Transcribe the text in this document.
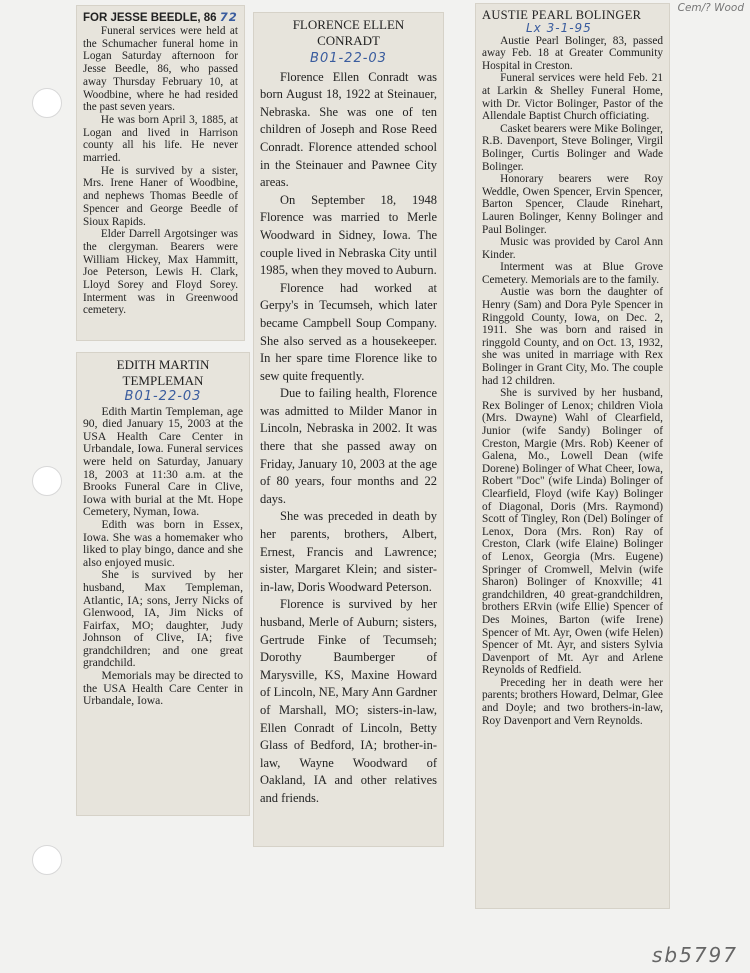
Cem/? Wood
FOR JESSE BEEDLE, 86 72

Funeral services were held at the Schumacher funeral home in Logan Saturday afternoon for Jesse Beedle, 86, who passed away Thursday February 10, at Woodbine, where he had resided the past seven years.

He was born April 3, 1885, at Logan and lived in Harrison county all his life. He never married.

He is survived by a sister, Mrs. Irene Haner of Woodbine, and nephews Thomas Beedle of Spencer and George Beedle of Sioux Rapids.

Elder Darrell Argotsinger was the clergyman. Bearers were William Hickey, Max Hammitt, Joe Peterson, Lewis H. Clark, Lloyd Sorey and Floyd Sorey. Interment was in Greenwood cemetery.

EDITH MARTIN
TEMPLEMAN
B01-22-03

Edith Martin Templeman, age 90, died January 15, 2003 at the USA Health Care Center in Urbandale, Iowa. Funeral services were held on Saturday, January 18, 2003 at 11:30 a.m. at the Brooks Funeral Care in Clive, Iowa with burial at the Mt. Hope Cemetery, Nyman, Iowa.

Edith was born in Essex, Iowa. She was a homemaker who liked to play bingo, dance and she also enjoyed music.

She is survived by her husband, Max Templeman, Atlantic, IA; sons, Jerry Nicks of Glenwood, IA, Jim Nicks of Fairfax, MO; daughter, Judy Johnson of Clive, IA; five grandchildren; and one great grandchild.

Memorials may be directed to the USA Health Care Center in Urbandale, Iowa.

FLORENCE ELLEN
CONRADT
B01-22-03

Florence Ellen Conradt was born August 18, 1922 at Steinauer, Nebraska. She was one of ten children of Joseph and Rose Reed Conradt. Florence attended school in the Steinauer and Pawnee City areas.

On September 18, 1948 Florence was married to Merle Woodward in Sidney, Iowa. The couple lived in Nebraska City until 1985, when they moved to Auburn.

Florence had worked at Gerpy's in Tecumseh, which later became Campbell Soup Company. She also served as a housekeeper. In her spare time Florence like to sew quite frequently.

Due to failing health, Florence was admitted to Milder Manor in Lincoln, Nebraska in 2002. It was there that she passed away on Friday, January 10, 2003 at the age of 80 years, four months and 22 days.

She was preceded in death by her parents, brothers, Albert, Ernest, Francis and Lawrence; sister, Margaret Klein; and sister-in-law, Doris Woodward Peterson.

Florence is survived by her husband, Merle of Auburn; sisters, Gertrude Finke of Tecumseh; Dorothy Baumberger of Marysville, KS, Maxine Howard of Lincoln, NE, Mary Ann Gardner of Marshall, MO; sisters-in-law, Ellen Conradt of Lincoln, Betty Glass of Bedford, IA; brother-in-law, Wayne Woodward of Oakland, IA and other relatives and friends.

AUSTIE PEARL BOLINGER
Lx 3-1-95

Austie Pearl Bolinger, 83, passed away Feb. 18 at Greater Community Hospital in Creston.

Funeral services were held Feb. 21 at Larkin & Shelley Funeral Home, with Dr. Victor Bolinger, Pastor of the Allendale Baptist Church officiating.

Casket bearers were Mike Bolinger, R.B. Davenport, Steve Bolinger, Virgil Bolinger, Curtis Bolinger and Wade Bolinger.

Honorary bearers were Roy Weddle, Owen Spencer, Ervin Spencer, Barton Spencer, Claude Rinehart, Lauren Bolinger, Kenny Bolinger and Paul Bolinger.

Music was provided by Carol Ann Kinder.

Interment was at Blue Grove Cemetery. Memorials are to the family.

Austie was born the daughter of Henry (Sam) and Dora Pyle Spencer in Ringgold County, Iowa, on Dec. 2, 1911. She was born and raised in ringgold County, and on Oct. 13, 1932, she was united in marriage with Rex Bolinger in Grant City, Mo. The couple had 12 children.

She is survived by her husband, Rex Bolinger of Lenox; children Viola (Mrs. Dwayne) Wahl of Clearfield, Junior (wife Sandy) Bolinger of Creston, Margie (Mrs. Rob) Keener of Galena, Mo., Lowell Dean (wife Dorene) Bolinger of What Cheer, Iowa, Robert "Doc" (wife Linda) Bolinger of Clearfield, Floyd (wife Kay) Bolinger of Diagonal, Doris (Mrs. Raymond) Scott of Tingley, Ron (Del) Bolinger of Lenox, Dora (Mrs. Ron) Ray of Creston, Clark (wife Elaine) Bolinger of Lenox, Georgia (Mrs. Eugene) Springer of Cromwell, Melvin (wife Sharon) Bolinger of Knoxville; 41 grandchildren, 40 great-grandchildren, brothers ERvin (wife Ellie) Spencer of Des Moines, Barton (wife Irene) Spencer of Mt. Ayr, Owen (wife Helen) Spencer of Mt. Ayr, and sisters Sylvia Davenport of Mt. Ayr and Arlene Reynolds of Redfield.

Preceding her in death were her parents; brothers Howard, Delmar, Glee and Doyle; and two brothers-in-law, Roy Davenport and Vern Reynolds.

sb5797
